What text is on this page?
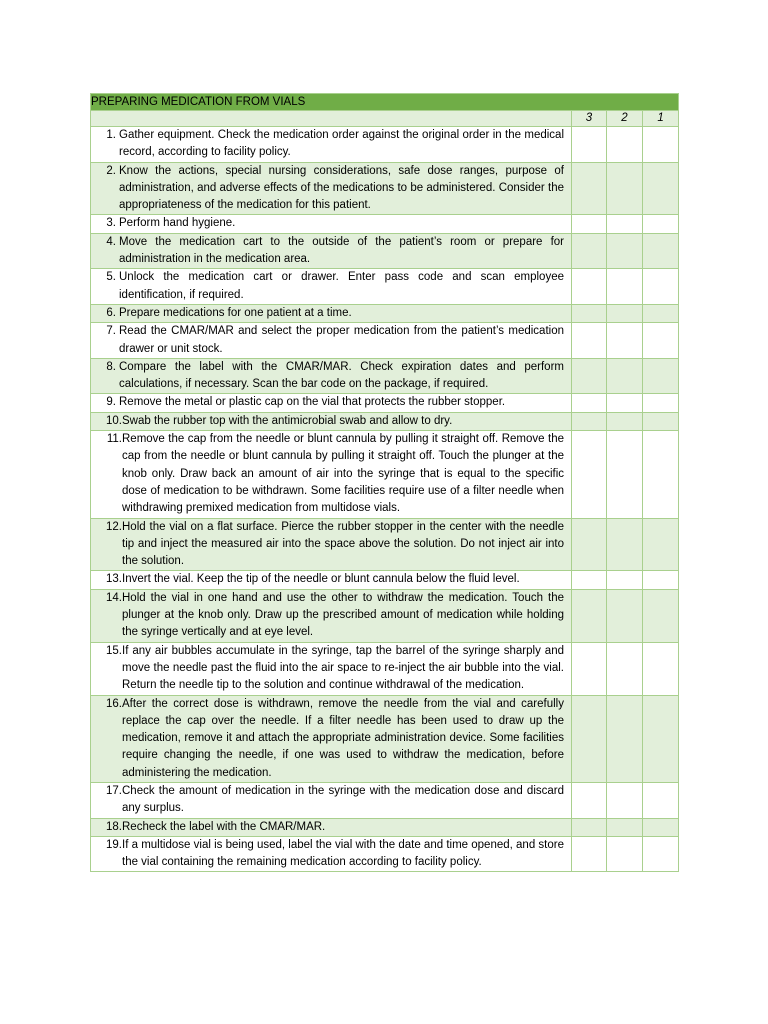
PREPARING MEDICATION FROM VIALS			
	3	2	1

1. Gather equipment. Check the medication order against the original order in the medical record, according to facility policy.			

2. Know the actions, special nursing considerations, safe dose ranges, purpose of administration, and adverse effects of the medications to be administered. Consider the appropriateness of the medication for this patient.			

3. Perform hand hygiene.			

4. Move the medication cart to the outside of the patient’s room or prepare for administration in the medication area.			

5. Unlock the medication cart or drawer. Enter pass code and scan employee identification, if required.			

6. Prepare medications for one patient at a time.			

7. Read the CMAR/MAR and select the proper medication from the patient’s medication drawer or unit stock.			

8. Compare the label with the CMAR/MAR. Check expiration dates and perform calculations, if necessary. Scan the bar code on the package, if required.			

9. Remove the metal or plastic cap on the vial that protects the rubber stopper.			

10. Swab the rubber top with the antimicrobial swab and allow to dry.			

11. Remove the cap from the needle or blunt cannula by pulling it straight off. Remove the cap from the needle or blunt cannula by pulling it straight off. Touch the plunger at the knob only. Draw back an amount of air into the syringe that is equal to the specific dose of medication to be withdrawn. Some facilities require use of a filter needle when withdrawing premixed medication from multidose vials.			

12. Hold the vial on a flat surface. Pierce the rubber stopper in the center with the needle tip and inject the measured air into the space above the solution. Do not inject air into the solution.			

13. Invert the vial. Keep the tip of the needle or blunt cannula below the fluid level.			

14. Hold the vial in one hand and use the other to withdraw the medication. Touch the plunger at the knob only. Draw up the prescribed amount of medication while holding the syringe vertically and at eye level.			

15. If any air bubbles accumulate in the syringe, tap the barrel of the syringe sharply and move the needle past the fluid into the air space to re-inject the air bubble into the vial. Return the needle tip to the solution and continue withdrawal of the medication.			

16. After the correct dose is withdrawn, remove the needle from the vial and carefully replace the cap over the needle. If a filter needle has been used to draw up the medication, remove it and attach the appropriate administration device. Some facilities require changing the needle, if one was used to withdraw the medication, before administering the medication.			

17. Check the amount of medication in the syringe with the medication dose and discard any surplus.			

18. Recheck the label with the CMAR/MAR.			

19. If a multidose vial is being used, label the vial with the date and time opened, and store the vial containing the remaining medication according to facility policy.			
